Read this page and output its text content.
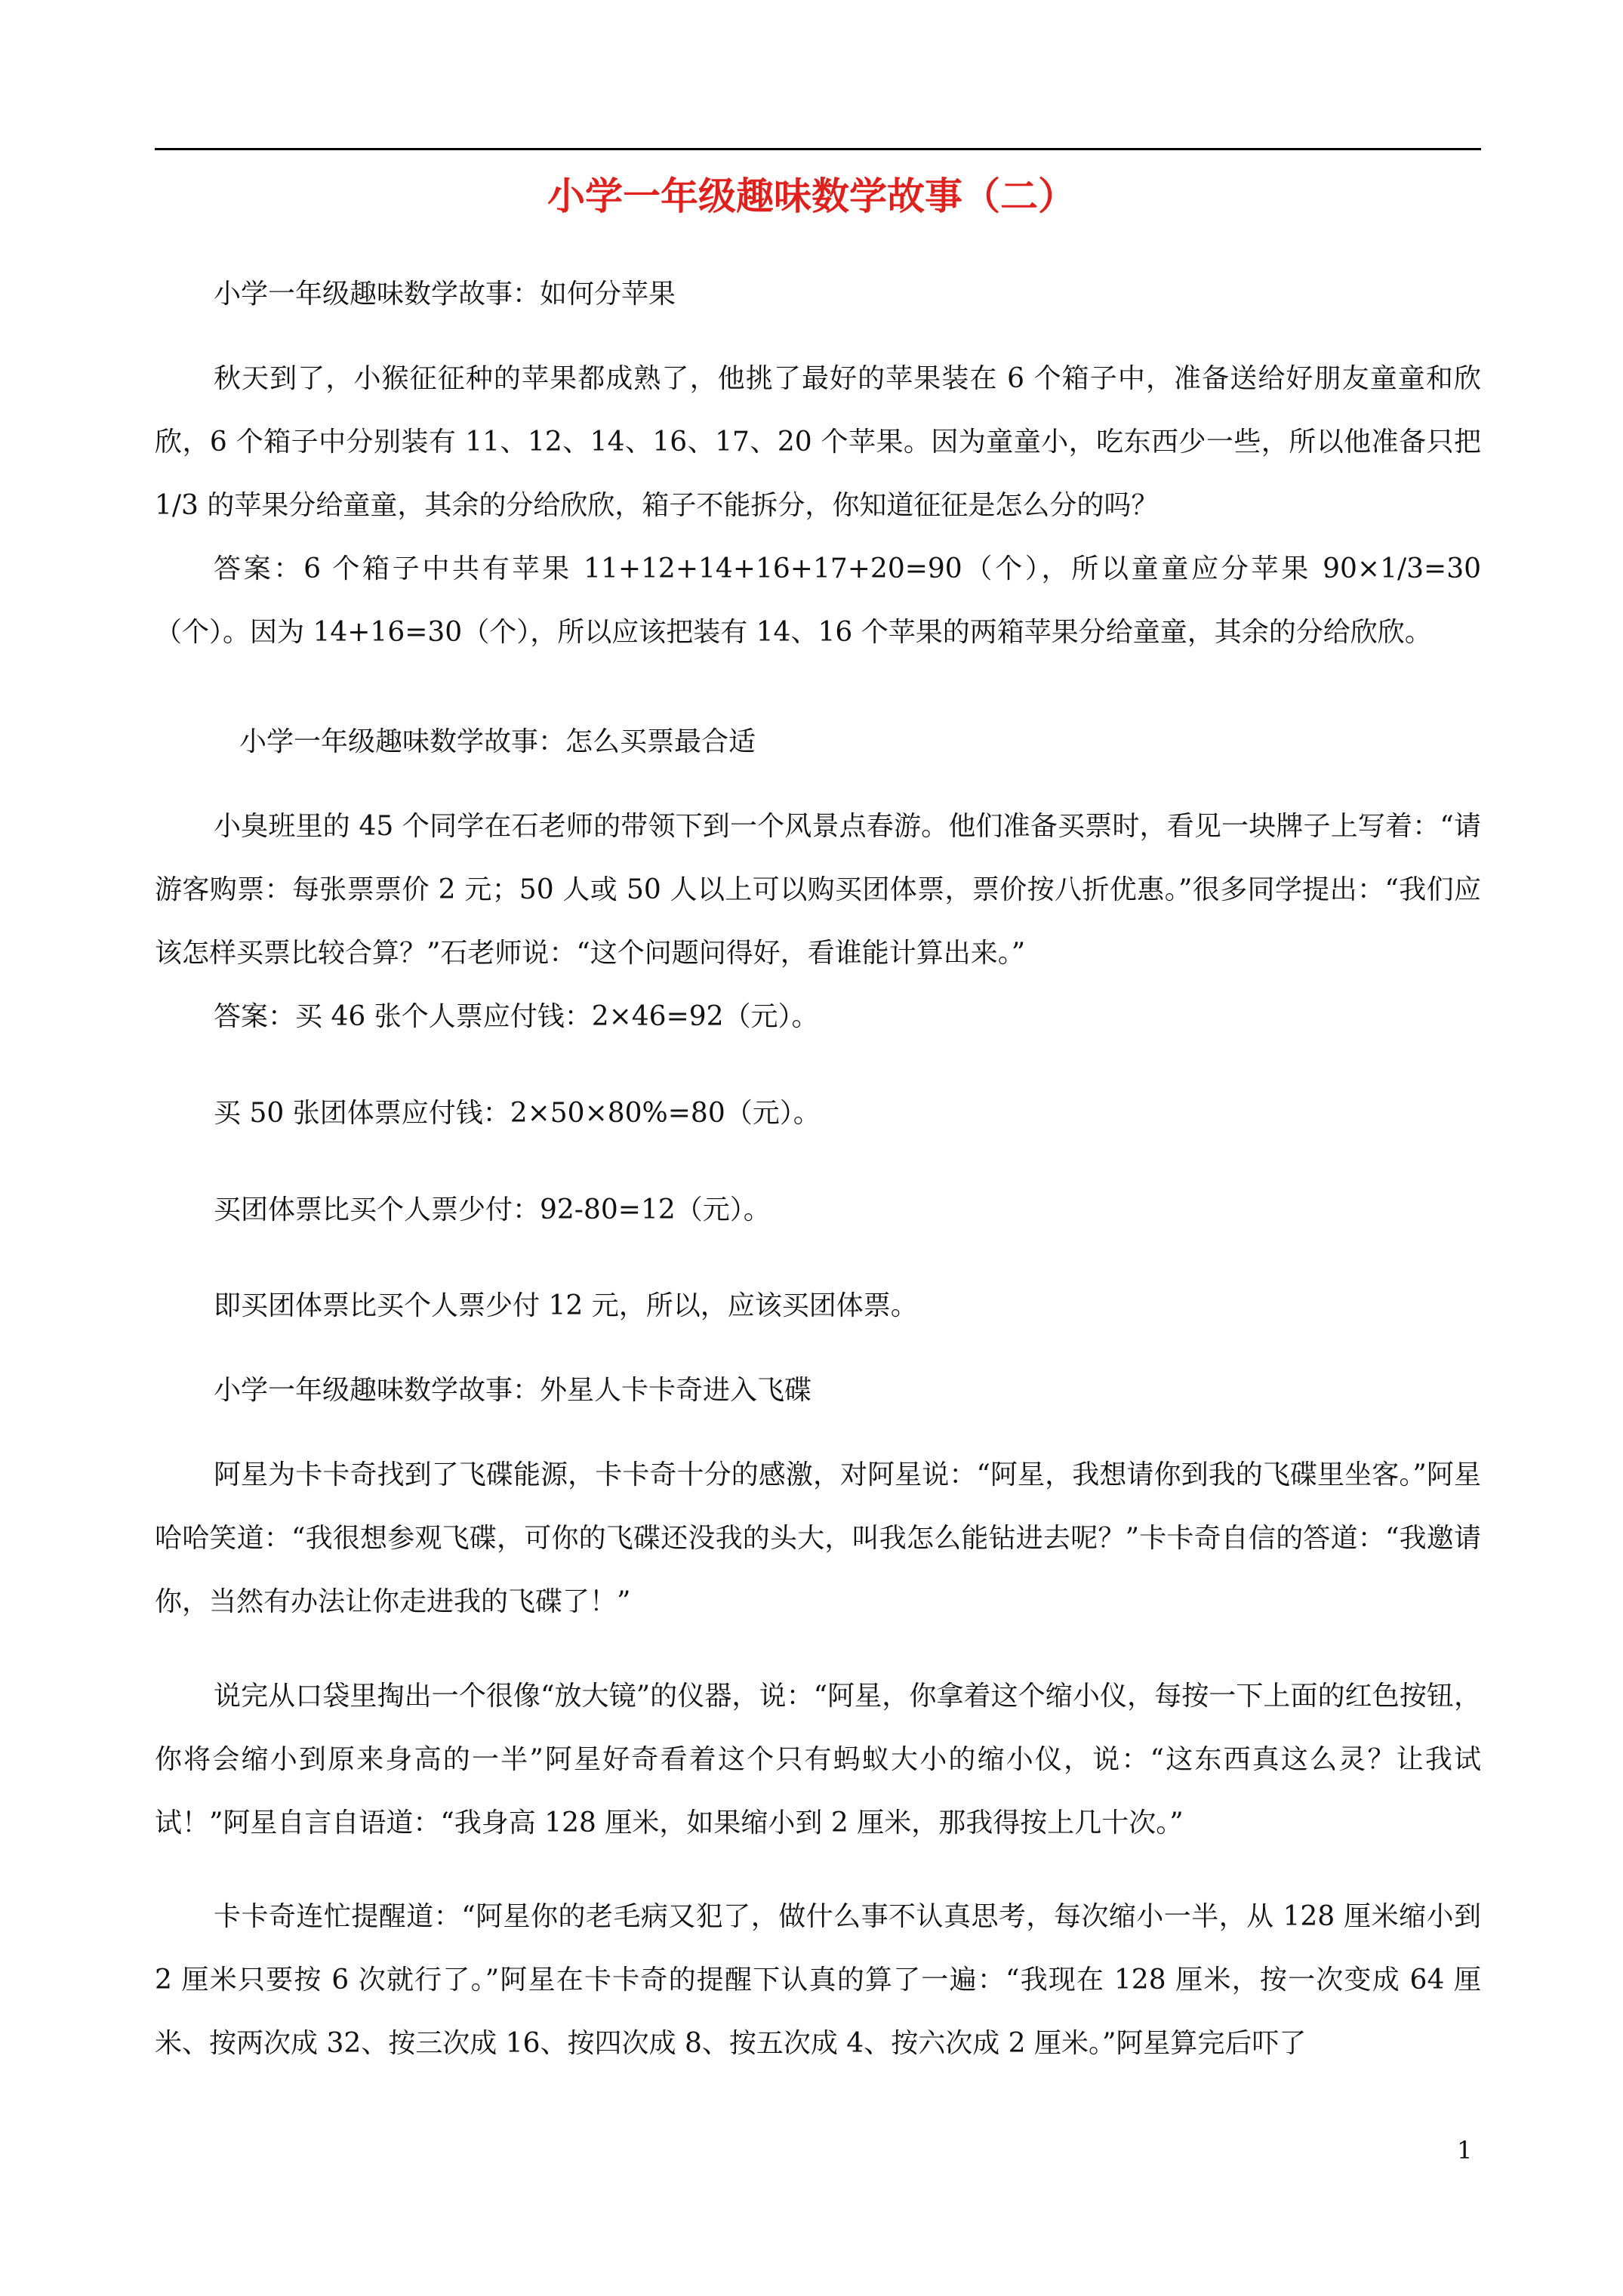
小学一年级趣味数学故事（二）

小学一年级趣味数学故事：如何分苹果

秋天到了，小猴征征种的苹果都成熟了，他挑了最好的苹果装在 6 个箱子中，准备送给好朋友童童和欣欣，6 个箱子中分别装有 11、12、14、16、17、20 个苹果。因为童童小，吃东西少一些，所以他准备只把 1/3 的苹果分给童童，其余的分给欣欣，箱子不能拆分，你知道征征是怎么分的吗？

答案：6 个箱子中共有苹果 11+12+14+16+17+20=90（个），所以童童应分苹果 90×1/3=30（个）。因为 14+16=30（个），所以应该把装有 14、16 个苹果的两箱苹果分给童童，其余的分给欣欣。

小学一年级趣味数学故事：怎么买票最合适

小臭班里的 45 个同学在石老师的带领下到一个风景点春游。他们准备买票时，看见一块牌子上写着：“请游客购票：每张票票价 2 元；50 人或 50 人以上可以购买团体票，票价按八折优惠。”很多同学提出：“我们应该怎样买票比较合算？”石老师说：“这个问题问得好，看谁能计算出来。”

答案：买 46 张个人票应付钱：2×46=92（元）。

买 50 张团体票应付钱：2×50×80%=80（元）。

买团体票比买个人票少付：92-80=12（元）。

即买团体票比买个人票少付 12 元，所以，应该买团体票。

小学一年级趣味数学故事：外星人卡卡奇进入飞碟

阿星为卡卡奇找到了飞碟能源，卡卡奇十分的感激，对阿星说：“阿星，我想请你到我的飞碟里坐客。”阿星哈哈笑道：“我很想参观飞碟，可你的飞碟还没我的头大，叫我怎么能钻进去呢？”卡卡奇自信的答道：“我邀请你，当然有办法让你走进我的飞碟了！”

说完从口袋里掏出一个很像“放大镜”的仪器，说：“阿星，你拿着这个缩小仪，每按一下上面的红色按钮，你将会缩小到原来身高的一半”阿星好奇看着这个只有蚂蚁大小的缩小仪，说：“这东西真这么灵？让我试试！”阿星自言自语道：“我身高 128 厘米，如果缩小到 2 厘米，那我得按上几十次。”

卡卡奇连忙提醒道：“阿星你的老毛病又犯了，做什么事不认真思考，每次缩小一半，从 128 厘米缩小到 2 厘米只要按 6 次就行了。”阿星在卡卡奇的提醒下认真的算了一遍：“我现在 128 厘米，按一次变成 64 厘米、按两次成 32、按三次成 16、按四次成 8、按五次成 4、按六次成 2 厘米。”阿星算完后吓了

1
